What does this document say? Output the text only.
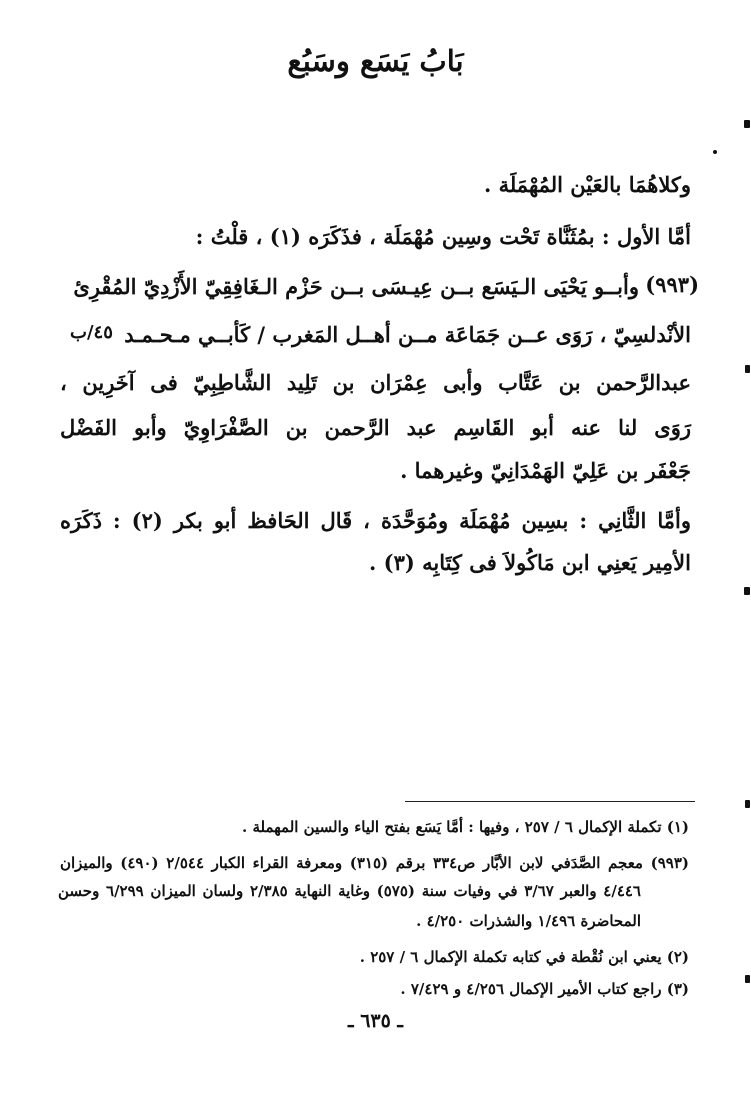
بَابُ يَسَع وسَبُع
وكلاهُمَا بالعَيْن المُهْمَلَة .
أمَّا الأول : بمُثَنَّاة تَحْت وسِين مُهْمَلَة ، فذَكَرَه (١) ، قلْتُ :
(٩٩٣)
وأبــو يَحْيَى الـيَسَع بــن عِيـسَى بــن حَزْم الـغَافِقِيّ الأَزْدِيّ المُقْرِئ
٤٥/ب الأنْدلسِيّ ، رَوَى عــن جَمَاعَة مــن أهــل المَغرب / كَأبــي مـحـمـد
عبدالرَّحمن بن عَتَّاب وأبى عِمْرَان بن تَلِيد الشَّاطِبِيّ فى آخَرِين ،
رَوَى لنا عنه أبو القَاسِم عبد الرَّحمن بن الصَّفْرَاوِيّ وأبو الفَضْل
جَعْفَر بن عَلِيّ الهَمْدَانِيّ وغيرهما .
وأمَّا الثَّانِي : بسِين مُهْمَلَة ومُوَحَّدَة ، قَال الحَافظ أبو بكر (٢) : ذَكَرَه
الأمِير يَعنِي ابن مَاكُولاَ فى كِتَابِه (٣) .
(١) تكملة الإكمال ٦ / ٢٥٧ ، وفيها : أمَّا يَسَع بفتح الياء والسين المهملة .
(٩٩٣) معجم الصَّدَفي لابن الأبَّار ص٣٣٤ برقم (٣١٥) ومعرفة القراء الكبار ٢/٥٤٤ (٤٩٠) والميزان
٤/٤٤٦ والعبر ٣/٦٧ في وفيات سنة (٥٧٥) وغاية النهاية ٢/٣٨٥ ولسان الميزان ٦/٢٩٩ وحسن
المحاضرة ١/٤٩٦ والشذرات ٤/٢٥٠ .
(٢) يعني ابن نُقْطة في كتابه تكملة الإكمال ٦ / ٢٥٧ .
(٣) راجع كتاب الأمير الإكمال ٤/٢٥٦ و ٧/٤٢٩ .
ـ ٦٣٥ ـ
